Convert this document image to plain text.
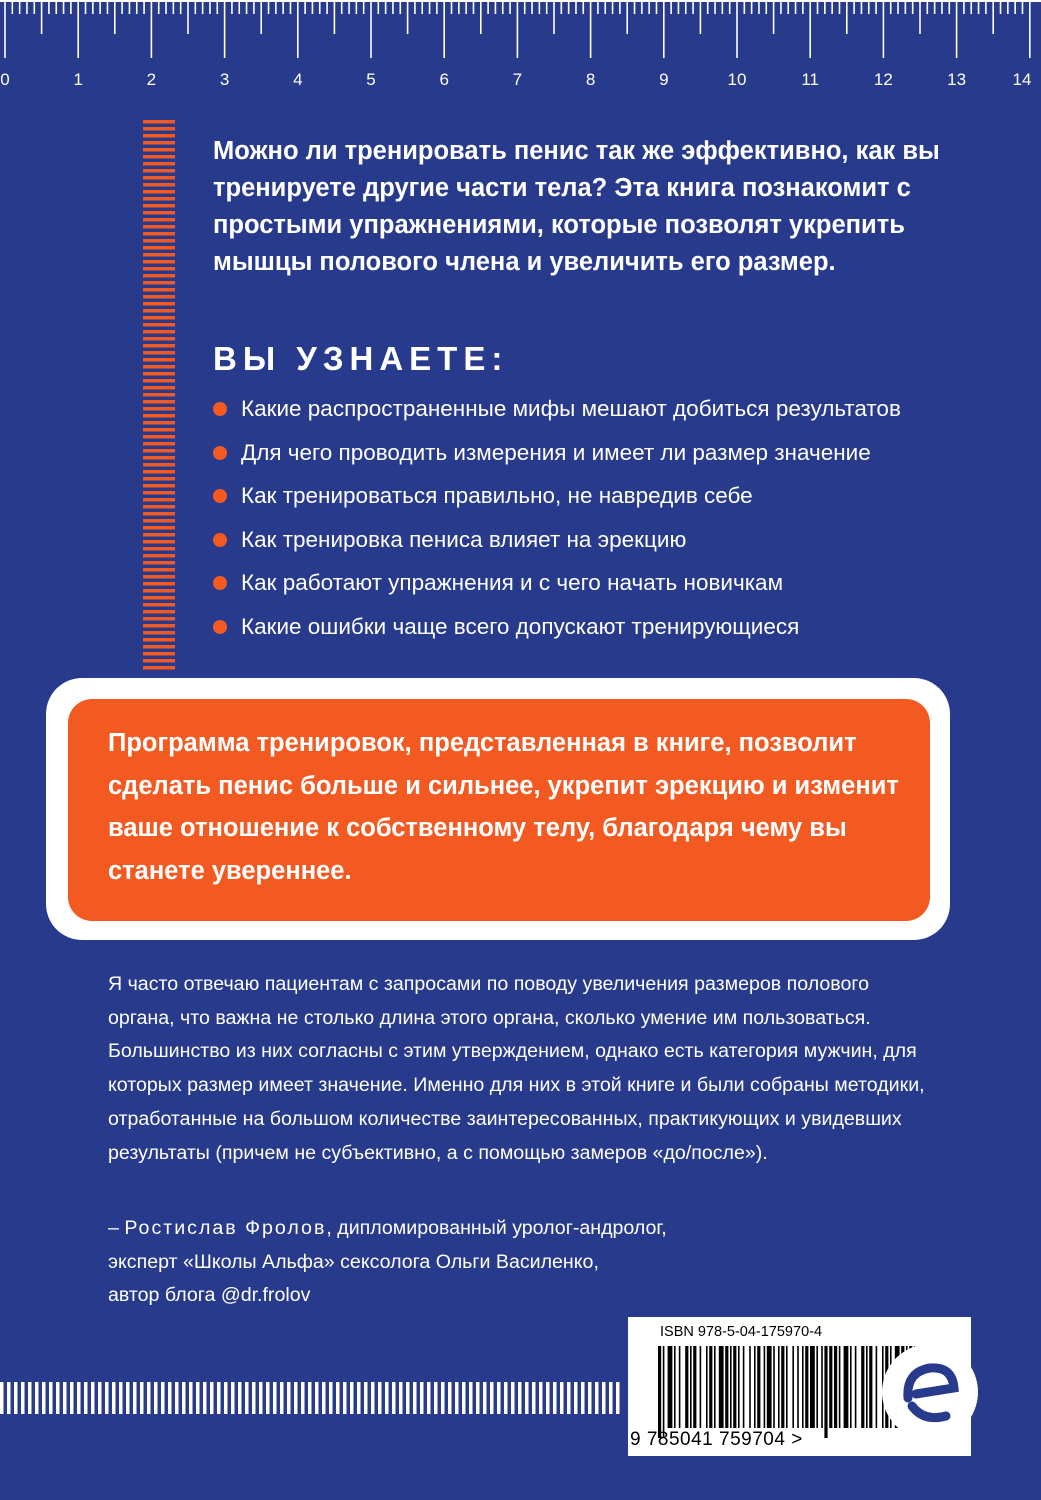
0	1	2	3	4	5	6	7	8	9	10	11	12	13	14

Можно ли тренировать пенис так же эффективно, как вы тренируете другие части тела? Эта книга познакомит с простыми упражнениями, которые позволят укрепить мышцы полового члена и увеличить его размер.

ВЫ УЗНАЕТЕ:
Какие распространенные мифы мешают добиться результатов
Для чего проводить измерения и имеет ли размер значение
Как тренироваться правильно, не навредив себе
Как тренировка пениса влияет на эрекцию
Как работают упражнения и с чего начать новичкам
Какие ошибки чаще всего допускают тренирующиеся

Программа тренировок, представленная в книге, позволит сделать пенис больше и сильнее, укрепит эрекцию и изменит ваше отношение к собственному телу, благодаря чему вы станете увереннее.

Я часто отвечаю пациентам с запросами по поводу увеличения размеров полового органа, что важна не столько длина этого органа, сколько умение им пользоваться. Большинство из них согласны с этим утверждением, однако есть категория мужчин, для которых размер имеет значение. Именно для них в этой книге и были собраны методики, отработанные на большом количестве заинтересованных, практикующих и увидевших результаты (причем не субъективно, а с помощью замеров «до/после»).

– Ростислав Фролов, дипломированный уролог-андролог,
эксперт «Школы Альфа» сексолога Ольги Василенко,
автор блога @dr.frolov
ISBN 978-5-04-175970-4
9 785041 759704 >
